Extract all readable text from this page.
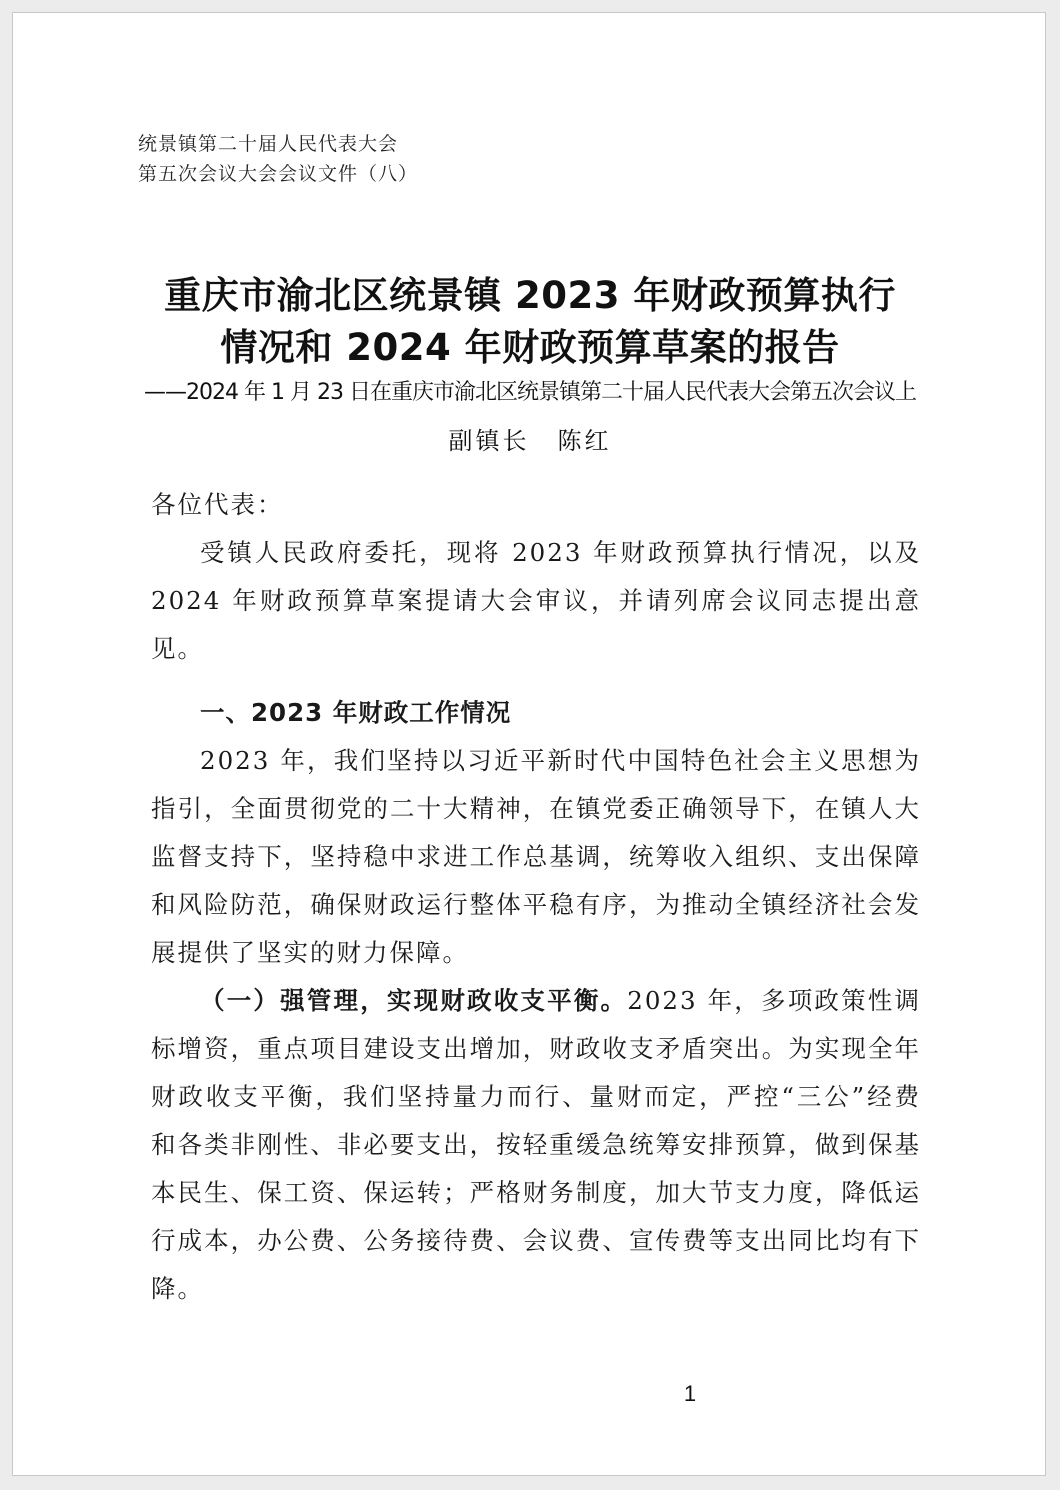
统景镇第二十届人民代表大会
第五次会议大会会议文件（八）
重庆市渝北区统景镇 2023 年财政预算执行
情况和 2024 年财政预算草案的报告
——2024 年 1 月 23 日在重庆市渝北区统景镇第二十届人民代表大会第五次会议上
副镇长 陈红

各位代表：

受镇人民政府委托，现将 2023 年财政预算执行情况，以及 2024 年财政预算草案提请大会审议，并请列席会议同志提出意见。

一、2023 年财政工作情况

2023 年，我们坚持以习近平新时代中国特色社会主义思想为指引，全面贯彻党的二十大精神，在镇党委正确领导下，在镇人大监督支持下，坚持稳中求进工作总基调，统筹收入组织、支出保障和风险防范，确保财政运行整体平稳有序，为推动全镇经济社会发展提供了坚实的财力保障。

（一）强管理，实现财政收支平衡。2023 年，多项政策性调标增资，重点项目建设支出增加，财政收支矛盾突出。为实现全年财政收支平衡，我们坚持量力而行、量财而定，严控“三公”经费和各类非刚性、非必要支出，按轻重缓急统筹安排预算，做到保基本民生、保工资、保运转；严格财务制度，加大节支力度，降低运行成本，办公费、公务接待费、会议费、宣传费等支出同比均有下降。

1
